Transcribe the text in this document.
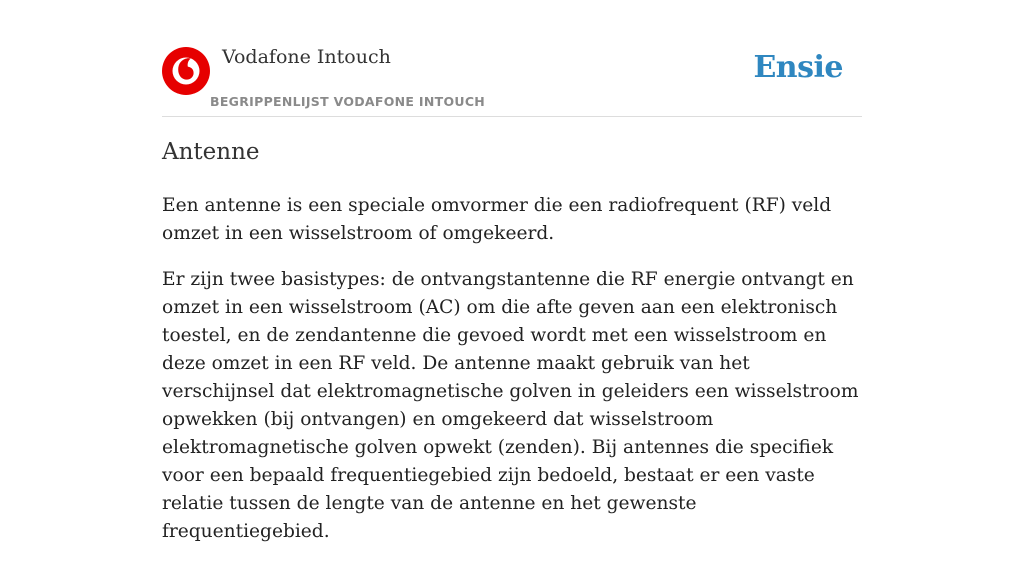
Vodafone Intouch
BEGRIPPENLIJST VODAFONE INTOUCH
Ensie
Antenne

Een antenne is een speciale omvormer die een radiofrequent (RF) veld omzet in een wisselstroom of omgekeerd.

Er zijn twee basistypes: de ontvangstantenne die RF energie ontvangt en omzet in een wisselstroom (AC) om die afte geven aan een elektronisch toestel, en de zendantenne die gevoed wordt met een wisselstroom en deze omzet in een RF veld. De antenne maakt gebruik van het verschijnsel dat elektromagnetische golven in geleiders een wisselstroom opwekken (bij ontvangen) en omgekeerd dat wisselstroom elektromagnetische golven opwekt (zenden). Bij antennes die specifiek voor een bepaald frequentiegebied zijn bedoeld, bestaat er een vaste relatie tussen de lengte van de antenne en het gewenste frequentiegebied.
